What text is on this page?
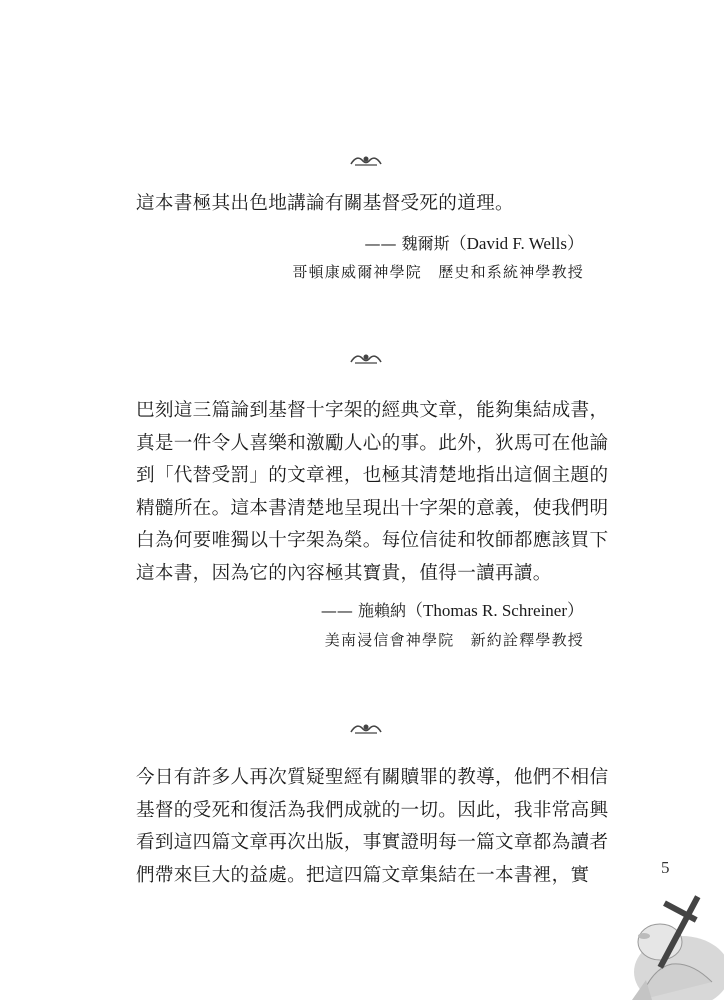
這本書極其出色地講論有關基督受死的道理。
—— 魏爾斯（David F. Wells）
哥頓康威爾神學院　歷史和系統神學教授
巴刻這三篇論到基督十字架的經典文章，能夠集結成書，
真是一件令人喜樂和激勵人心的事。此外，狄馬可在他論
到「代替受罰」的文章裡，也極其清楚地指出這個主題的
精髓所在。這本書清楚地呈現出十字架的意義，使我們明
白為何要唯獨以十字架為榮。每位信徒和牧師都應該買下
這本書，因為它的內容極其寶貴，值得一讀再讀。
—— 施賴納（Thomas R. Schreiner）
美南浸信會神學院　新約詮釋學教授
今日有許多人再次質疑聖經有關贖罪的教導，他們不相信
基督的受死和復活為我們成就的一切。因此，我非常高興
看到這四篇文章再次出版，事實證明每一篇文章都為讀者
們帶來巨大的益處。把這四篇文章集結在一本書裡，實	5
